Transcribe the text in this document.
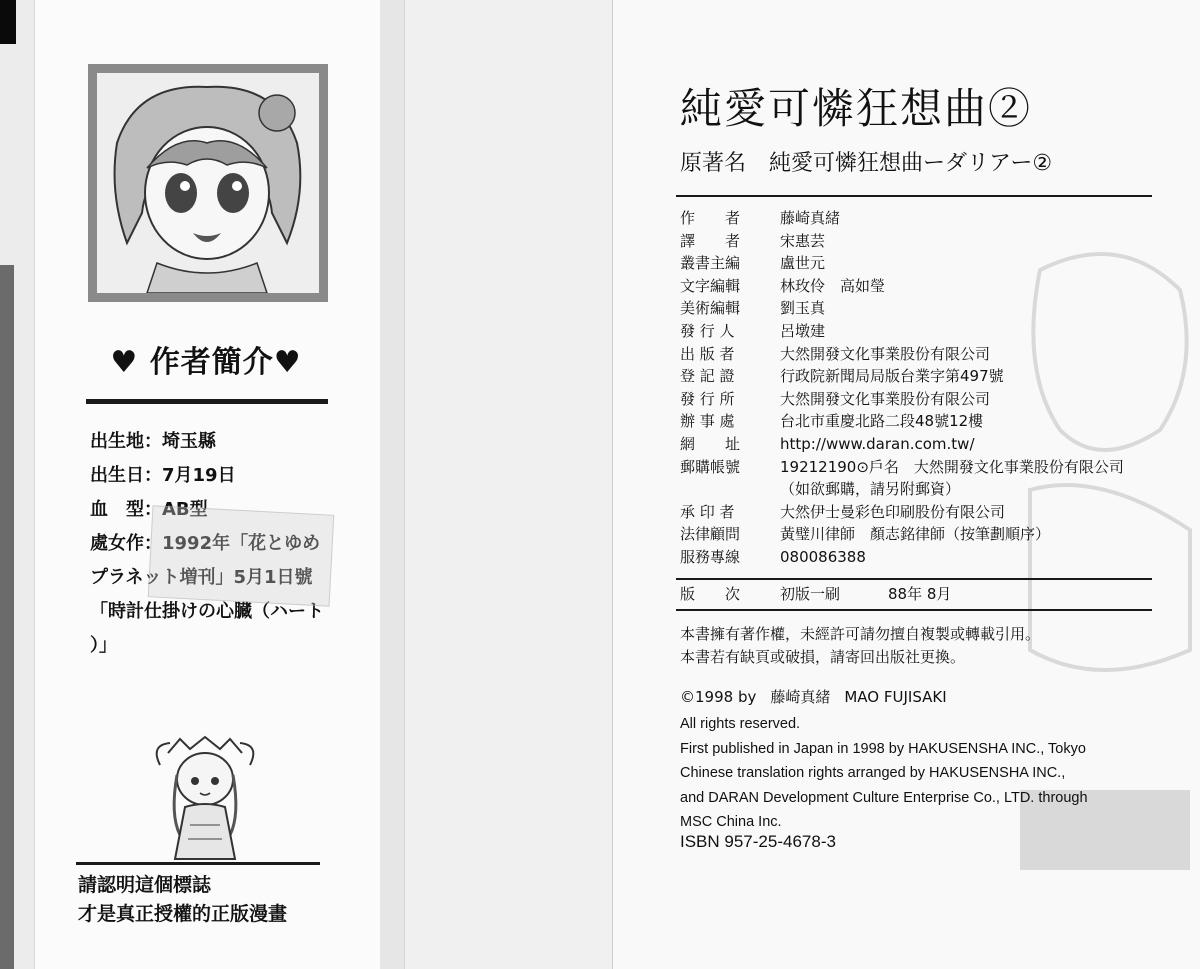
♥ 作者簡介♥
出生地：埼玉縣
出生日：7月19日
血　型：AB型
處女作：1992年「花とゆめ
プラネット増刊」5月1日號
「時計仕掛けの心臓（ハート
）」
請認明這個標誌
才是真正授權的正版漫畫
純愛可憐狂想曲②
原著名 純愛可憐狂想曲ーダリアー②
作　　者	藤崎真緒
譯　　者	宋惠芸
叢書主編	盧世元
文字編輯	林玫伶　高如瑩
美術編輯	劉玉真
發 行 人	呂墩建
出 版 者	大然開發文化事業股份有限公司
登 記 證	行政院新聞局局版台業字第497號
發 行 所	大然開發文化事業股份有限公司
辦 事 處	台北市重慶北路二段48號12樓
網　　址	http://www.daran.com.tw/
郵購帳號	19212190⊙戶名　大然開發文化事業股份有限公司
（如欲郵購，請另附郵資）
承 印 者	大然伊士曼彩色印刷股份有限公司
法律顧問	黃璧川律師　顏志銘律師（按筆劃順序）
服務專線	080086388
版　　次	初版一刷	88年 8月
本書擁有著作權，未經許可請勿擅自複製或轉載引用。
本書若有缺頁或破損，請寄回出版社更換。
©1998 by 藤崎真緒 MAO FUJISAKI
All rights reserved.
First published in Japan in 1998 by HAKUSENSHA INC., Tokyo
Chinese translation rights arranged by HAKUSENSHA INC.,
and DARAN Development Culture Enterprise Co., LTD. through
MSC China Inc.
ISBN 957-25-4678-3
